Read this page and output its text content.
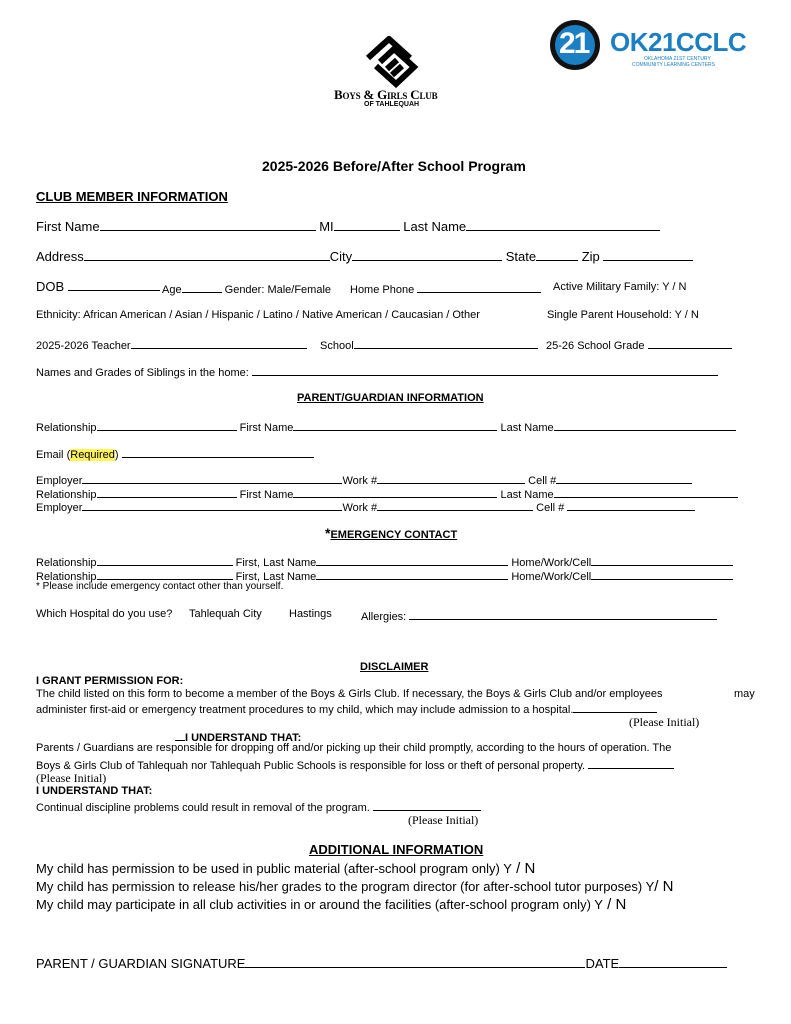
Boys & Girls Club
OF TAHLEQUAH
21 OK21CCLC
OKLAHOMA 21ST CENTURY
COMMUNITY LEARNING CENTERS
2025-2026 Before/After School Program
CLUB MEMBER INFORMATION
First Name	MI	Last Name
Address	City	State	Zip
DOB	Age	Gender: Male/Female Home Phone	Active Military Family: Y / N
Ethnicity: African American / Asian / Hispanic / Latino / Native American / Caucasian / Other	Single Parent Household: Y / N
2025-2026 Teacher	School	25-26 School Grade
Names and Grades of Siblings in the home:
PARENT/GUARDIAN INFORMATION
Relationship	First Name	Last Name
Email (Required)
Employer	Work #	Cell #
Relationship	First Name	Last Name
Employer	Work #	Cell #
*EMERGENCY CONTACT
Relationship	First, Last Name	Home/Work/Cell
Relationship	First, Last Name	Home/Work/Cell
* Please include emergency contact other than yourself.
Which Hospital do you use? Tahlequah City Hastings	Allergies:
DISCLAIMER
I GRANT PERMISSION FOR:
The child listed on this form to become a member of the Boys & Girls Club. If necessary, the Boys & Girls Club and/or employees	may
administer first-aid or emergency treatment procedures to my child, which may include admission to a hospital.
(Please Initial)
I UNDERSTAND THAT:
Parents / Guardians are responsible for dropping off and/or picking up their child promptly, according to the hours of operation. The
Boys & Girls Club of Tahlequah nor Tahlequah Public Schools is responsible for loss or theft of personal property.
(Please Initial)
I UNDERSTAND THAT:
Continual discipline problems could result in removal of the program.
(Please Initial)
ADDITIONAL INFORMATION
My child has permission to be used in public material (after-school program only) Y / N
My child has permission to release his/her grades to the program director (for after-school tutor purposes) Y/ N
My child may participate in all club activities in or around the facilities (after-school program only) Y / N
PARENT / GUARDIAN SIGNATURE	DATE
